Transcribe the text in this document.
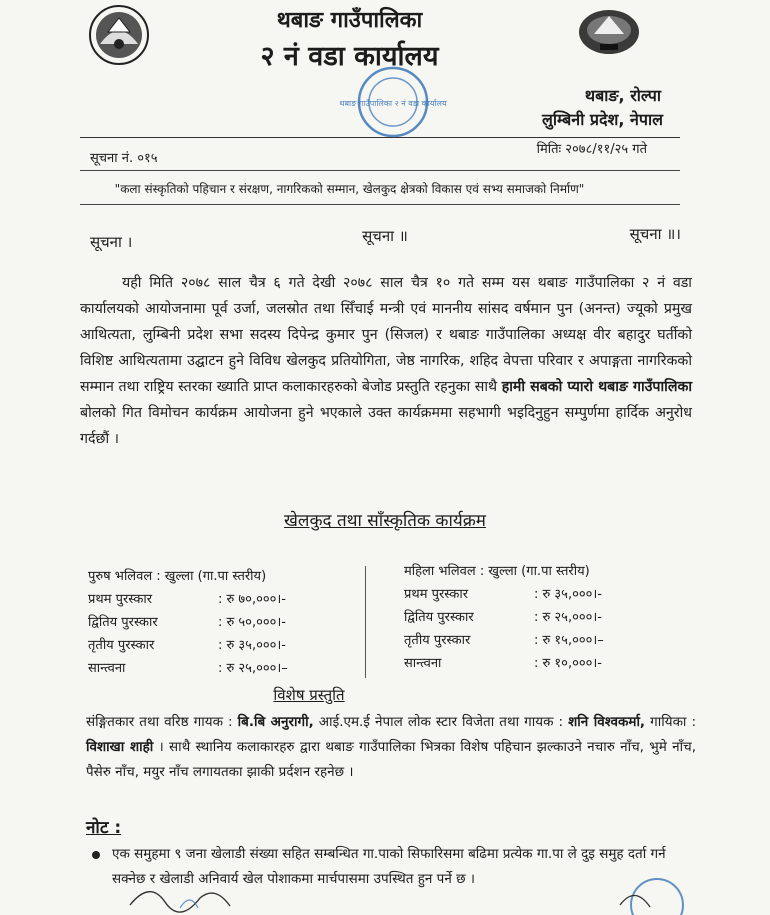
थबाङ गाउँपालिका
२ नं वडा कार्यालय
थबाङ गाउँपालिका २ नं वडा कार्यालय	थबाङ, रोल्पा
लुम्बिनी प्रदेश, नेपाल
सूचना नं. ०१५
मितिः २०७८/११/२५ गते
"कला संस्कृतिको पहिचान र संरक्षण, नागरिकको सम्मान, खेलकुद क्षेत्रको विकास एवं सभ्य समाजको निर्माण"
सूचना ।	सूचना ॥	सूचना ॥।
यही मिति २०७८ साल चैत्र ६ गते देखी २०७८ साल चैत्र १० गते सम्म यस थबाङ गाउँपालिका २ नं वडा कार्यालयको आयोजनामा पूर्व उर्जा, जलस्रोत तथा सिँचाई मन्त्री एवं माननीय सांसद वर्षमान पुन (अनन्त) ज्यूको प्रमुख आथित्यता, लुम्बिनी प्रदेश सभा सदस्य दिपेन्द्र कुमार पुन (सिजल) र थबाङ गाउँपालिका अध्यक्ष वीर बहादुर घर्तीको विशिष्ट आथित्यतामा उद्घाटन हुने विविध खेलकुद प्रतियोगिता, जेष्ठ नागरिक, शहिद वेपत्ता परिवार र अपाङ्गता नागरिकको सम्मान तथा राष्ट्रिय स्तरका ख्याति प्राप्त कलाकारहरुको बेजोड प्रस्तुति रहनुका साथै हामी सबको प्यारो थबाङ गाउँपालिका बोलको गित विमोचन कार्यक्रम आयोजना हुने भएकाले उक्त कार्यक्रममा सहभागी भइदिनुहुन सम्पुर्णमा हार्दिक अनुरोध गर्दछौं ।
खेलकुद तथा साँस्कृतिक कार्यक्रम
पुरुष भलिवल : खुल्ला (गा.पा स्तरीय)
प्रथम पुरस्कार	: रु ७०,०००।-
द्वितिय पुरस्कार	: रु ५०,०००।-
तृतीय पुरस्कार	: रु ३५,०००।-
सान्त्वना	: रु २५,०००।–
महिला भलिवल : खुल्ला (गा.पा स्तरीय)
प्रथम पुरस्कार	: रु ३५,०००।-
द्वितिय पुरस्कार	: रु २५,०००।-
तृतीय पुरस्कार	: रु १५,०००।–
सान्त्वना	: रु १०,०००।-
विशेष प्रस्तुति
संङ्गितकार तथा वरिष्ठ गायक : बि.बि अनुरागी, आई.एम.ई नेपाल लोक स्टार विजेता तथा गायक : शनि विश्वकर्मा, गायिका : विशाखा शाही । साथै स्थानिय कलाकारहरु द्वारा थबाङ गाउँपालिका भित्रका विशेष पहिचान झल्काउने नचारु नाँच, भुमे नाँच, पैसेरु नाँच, मयुर नाँच लगायतका झाकी प्रर्दशन रहनेछ ।
नोट :
एक समुहमा ९ जना खेलाडी संख्या सहित सम्बन्धित गा.पाको सिफारिसमा बढिमा प्रत्येक गा.पा ले दुइ समुह दर्ता गर्न सक्नेछ र खेलाडी अनिवार्य खेल पोशाकमा मार्चपासमा उपस्थित हुन पर्ने छ ।
